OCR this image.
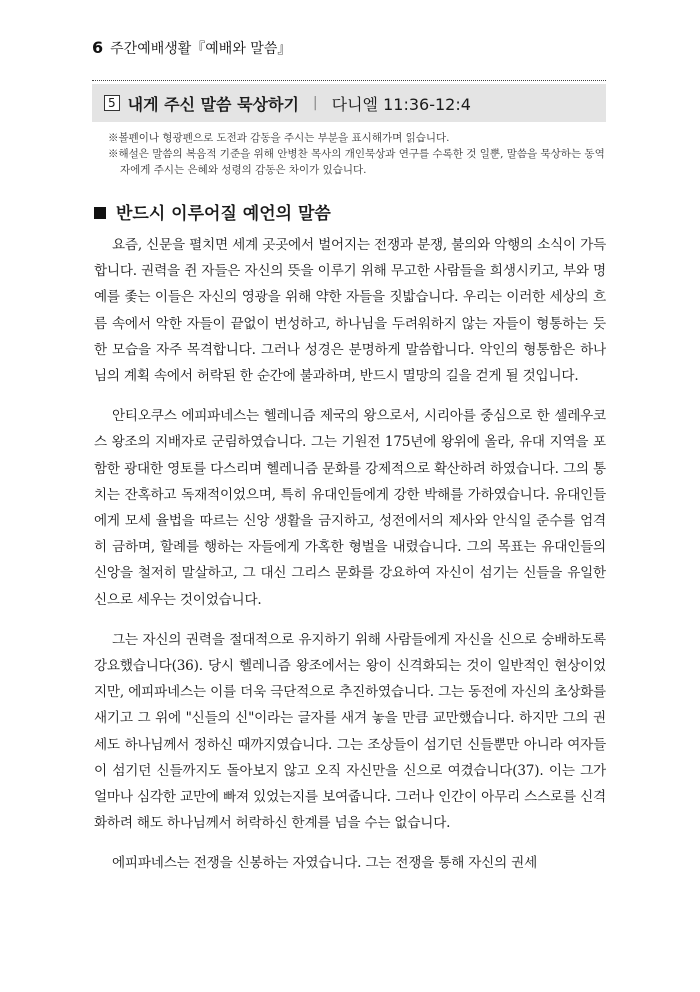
6 주간예배생활『예배와 말씀』
5 내게 주신 말씀 묵상하기 | 다니엘 11:36-12:4

※볼펜이나 형광펜으로 도전과 감동을 주시는 부분을 표시해가며 읽습니다.

※해설은 말씀의 복음적 기준을 위해 안병찬 목사의 개인묵상과 연구를 수록한 것 일뿐, 말씀을 묵상하는 동역자에게 주시는 은혜와 성령의 감동은 차이가 있습니다.

반드시 이루어질 예언의 말씀

요즘, 신문을 펼치면 세계 곳곳에서 벌어지는 전쟁과 분쟁, 불의와 악행의 소식이 가득합니다. 권력을 쥔 자들은 자신의 뜻을 이루기 위해 무고한 사람들을 희생시키고, 부와 명예를 좇는 이들은 자신의 영광을 위해 약한 자들을 짓밟습니다. 우리는 이러한 세상의 흐름 속에서 악한 자들이 끝없이 번성하고, 하나님을 두려워하지 않는 자들이 형통하는 듯한 모습을 자주 목격합니다. 그러나 성경은 분명하게 말씀합니다. 악인의 형통함은 하나님의 계획 속에서 허락된 한 순간에 불과하며, 반드시 멸망의 길을 걷게 될 것입니다.

안티오쿠스 에피파네스는 헬레니즘 제국의 왕으로서, 시리아를 중심으로 한 셀레우코스 왕조의 지배자로 군림하였습니다. 그는 기원전 175년에 왕위에 올라, 유대 지역을 포함한 광대한 영토를 다스리며 헬레니즘 문화를 강제적으로 확산하려 하였습니다. 그의 통치는 잔혹하고 독재적이었으며, 특히 유대인들에게 강한 박해를 가하였습니다. 유대인들에게 모세 율법을 따르는 신앙 생활을 금지하고, 성전에서의 제사와 안식일 준수를 엄격히 금하며, 할례를 행하는 자들에게 가혹한 형벌을 내렸습니다. 그의 목표는 유대인들의 신앙을 철저히 말살하고, 그 대신 그리스 문화를 강요하여 자신이 섬기는 신들을 유일한 신으로 세우는 것이었습니다.

그는 자신의 권력을 절대적으로 유지하기 위해 사람들에게 자신을 신으로 숭배하도록 강요했습니다(36). 당시 헬레니즘 왕조에서는 왕이 신격화되는 것이 일반적인 현상이었지만, 에피파네스는 이를 더욱 극단적으로 추진하였습니다. 그는 동전에 자신의 초상화를 새기고 그 위에 "신들의 신"이라는 글자를 새겨 놓을 만큼 교만했습니다. 하지만 그의 권세도 하나님께서 정하신 때까지였습니다. 그는 조상들이 섬기던 신들뿐만 아니라 여자들이 섬기던 신들까지도 돌아보지 않고 오직 자신만을 신으로 여겼습니다(37). 이는 그가 얼마나 심각한 교만에 빠져 있었는지를 보여줍니다. 그러나 인간이 아무리 스스로를 신격화하려 해도 하나님께서 허락하신 한계를 넘을 수는 없습니다.

에피파네스는 전쟁을 신봉하는 자였습니다. 그는 전쟁을 통해 자신의 권세
